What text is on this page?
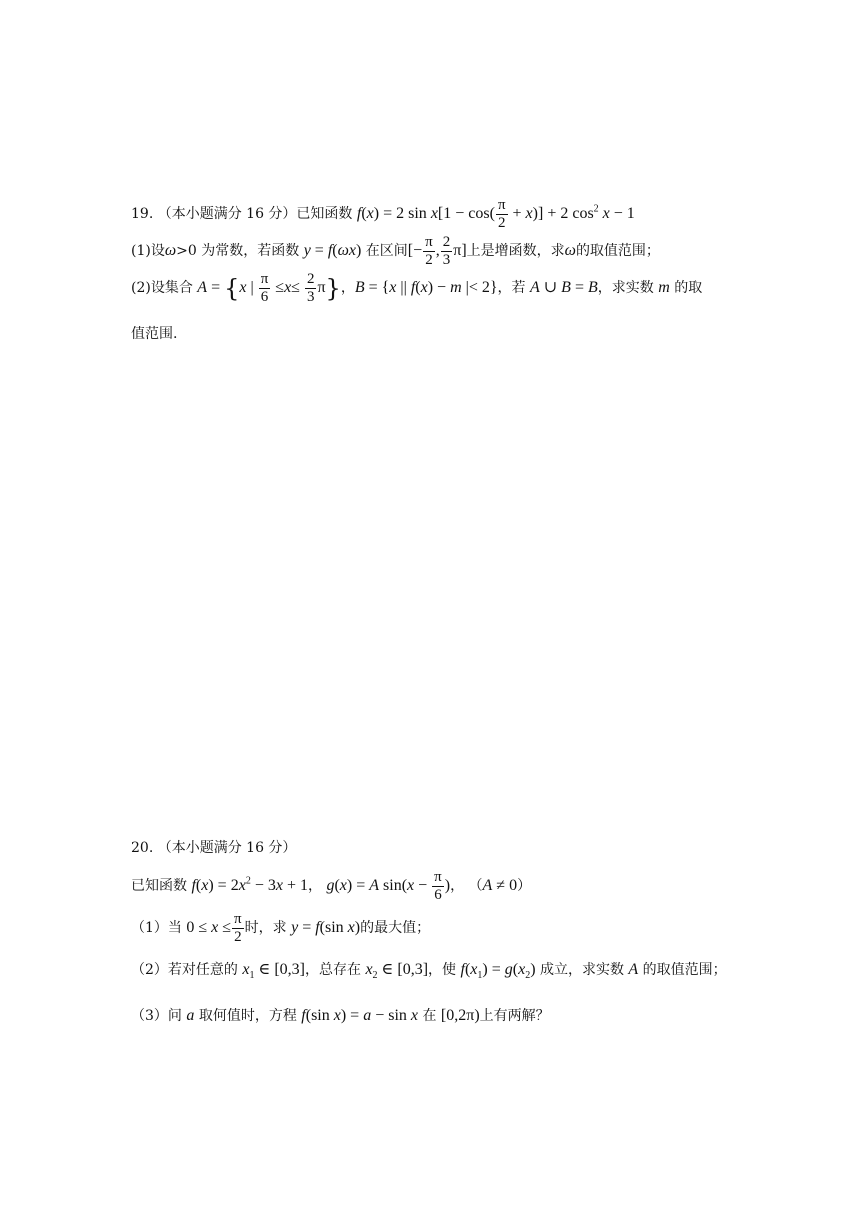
19. （本小题满分 16 分）已知函数 f(x) = 2 $\sin x[1 - \cos( \frac{\pi}{2} + x)] + 2$ $\cos^2 x - 1$
(1)设ω>0 为常数，若函数 y = f(ωx) 在区间[− $\frac{\pi}{2}$ , $\frac{2}{3} \pi$]上是增函数，求ω的取值范围；
(2)设集合 A = {x | $\frac{\pi}{6} \le x\le \frac{2}{3} \pi$}，B = {x || f(x) − m |< 2}，若 A ∪ B = B，求实数 m 的取
值范围.
20. （本小题满分 16 分）
已知函数 $f(x) = 2x^2 - 3x + 1$， g(x) = A $\sin(x - \frac{\pi}{6}$ )， （A ≠ 0）
（1）当 $0 \le x \le \frac{\pi}{2}$ 时，求 y = f(sin x)的最大值；
（2）若对任意的 $x_1$ ∈ [0,3]，总存在 $x_2$ ∈ [0,3]，使 $f(x_1) = g(x_2)$ 成立，求实数 A 的取值范围；
（3）问 a 取何值时，方程 f(sin x) = a − sin x 在 [0,2π)上有两解？
